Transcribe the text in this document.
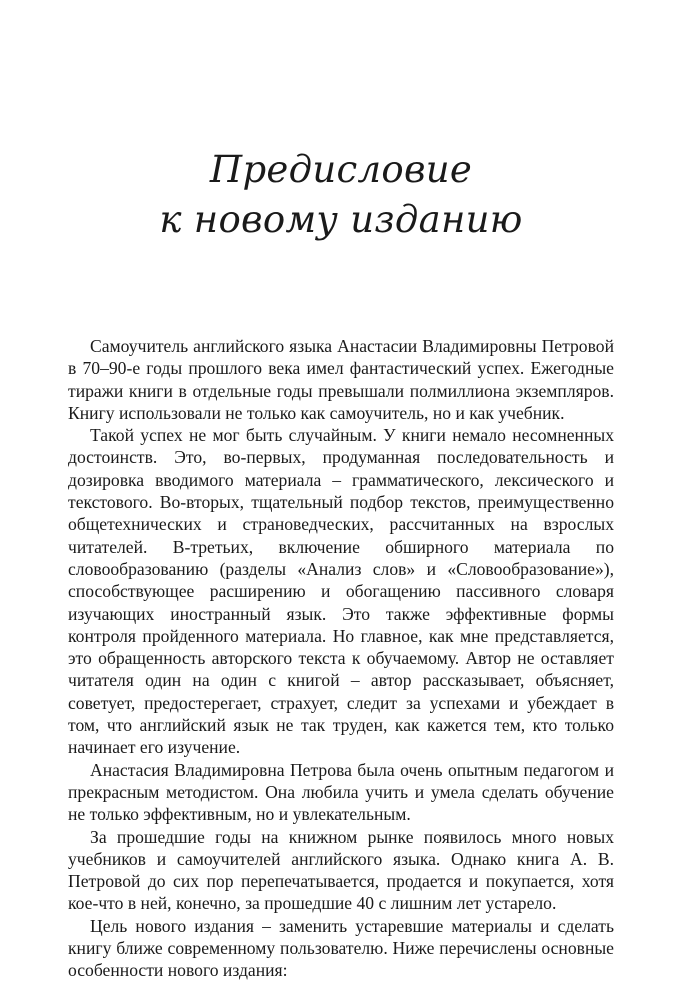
Предисловие
к новому изданию

Самоучитель английского языка Анастасии Владимировны Петровой в 70–90-е годы прошлого века имел фантастический успех. Ежегодные тиражи книги в отдельные годы превышали полмиллиона экземпляров. Книгу использовали не только как самоучитель, но и как учебник.

Такой успех не мог быть случайным. У книги немало несомненных достоинств. Это, во-первых, продуманная последовательность и дозировка вводимого материала – грамматического, лексического и текстового. Во-вторых, тщательный подбор текстов, преимущественно общетехнических и страноведческих, рассчитанных на взрослых читателей. В-третьих, включение обширного материала по словообразованию (разделы «Анализ слов» и «Словообразование»), способствующее расширению и обогащению пассивного словаря изучающих иностранный язык. Это также эффективные формы контроля пройденного материала. Но главное, как мне представляется, это обращенность авторского текста к обучаемому. Автор не оставляет читателя один на один с книгой – автор рассказывает, объясняет, советует, предостерегает, страхует, следит за успехами и убеждает в том, что английский язык не так труден, как кажется тем, кто только начинает его изучение.

Анастасия Владимировна Петрова была очень опытным педагогом и прекрасным методистом. Она любила учить и умела сделать обучение не только эффективным, но и увлекательным.

За прошедшие годы на книжном рынке появилось много новых учебников и самоучителей английского языка. Однако книга А. В. Петровой до сих пор перепечатывается, продается и покупается, хотя кое-что в ней, конечно, за прошедшие 40 с лишним лет устарело.

Цель нового издания – заменить устаревшие материалы и сделать книгу ближе современному пользователю. Ниже перечислены основные особенности нового издания:
